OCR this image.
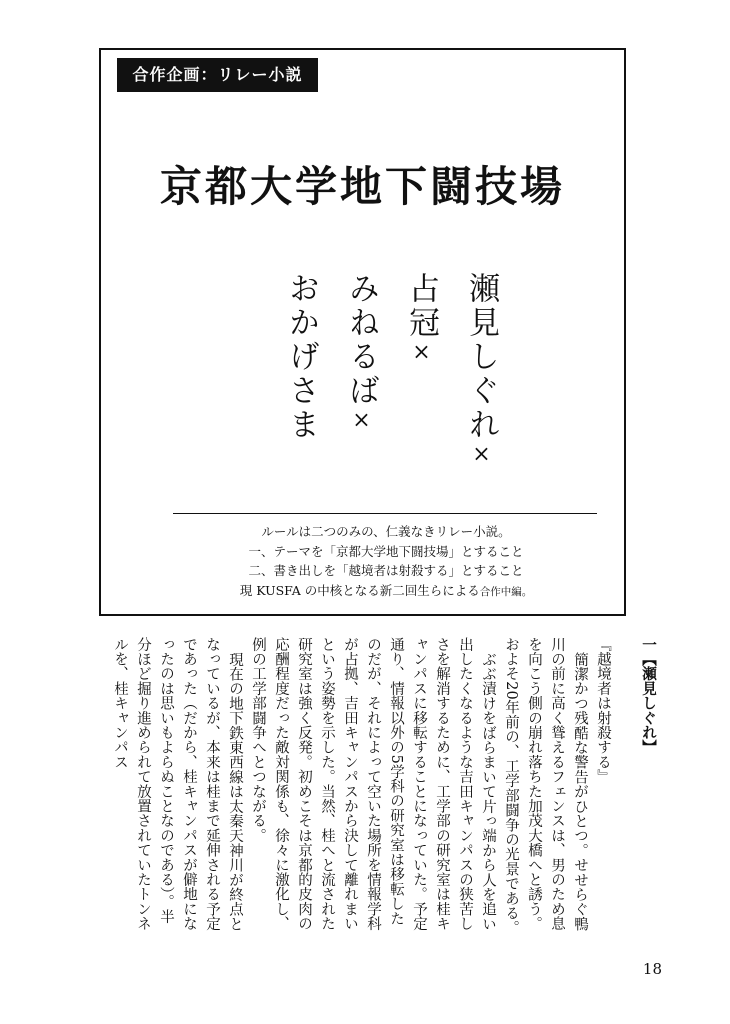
合作企画：リレー小説
京都大学地下闘技場
瀬見しぐれ×
占冠×
みねるば×
おかげさま
ルールは二つのみの、仁義なきリレー小説。
一、テーマを「京都大学地下闘技場」とすること
二、書き出しを「越境者は射殺する」とすること
現 KUSFA の中核となる新二回生らによる合作中編。

一【瀬見しぐれ】

『越境者は射殺する』

簡潔かつ残酷な警告がひとつ。せせらぐ鴨川の前に高く聳えるフェンスは、男のため息を向こう側の崩れ落ちた加茂大橋へと誘う。およそ20年前の、工学部闘争の光景である。

ぶぶ漬けをばらまいて片っ端から人を追い出したくなるような吉田キャンパスの狭苦しさを解消するために、工学部の研究室は桂キャンパスに移転することになっていた。予定通り、情報以外の5学科の研究室は移転したのだが、それによって空いた場所を情報学科が占拠、吉田キャンパスから決して離れまいという姿勢を示した。当然、桂へと流された研究室は強く反発。初めこそは京都的皮肉の応酬程度だった敵対関係も、徐々に激化し、例の工学部闘争へとつながる。

現在の地下鉄東西線は太秦天神川が終点となっているが、本来は桂まで延伸される予定であった（だから、桂キャンパスが僻地になったのは思いもよらぬことなのである）。半分ほど掘り進められて放置されていたトンネルを、桂キャンパス

18
